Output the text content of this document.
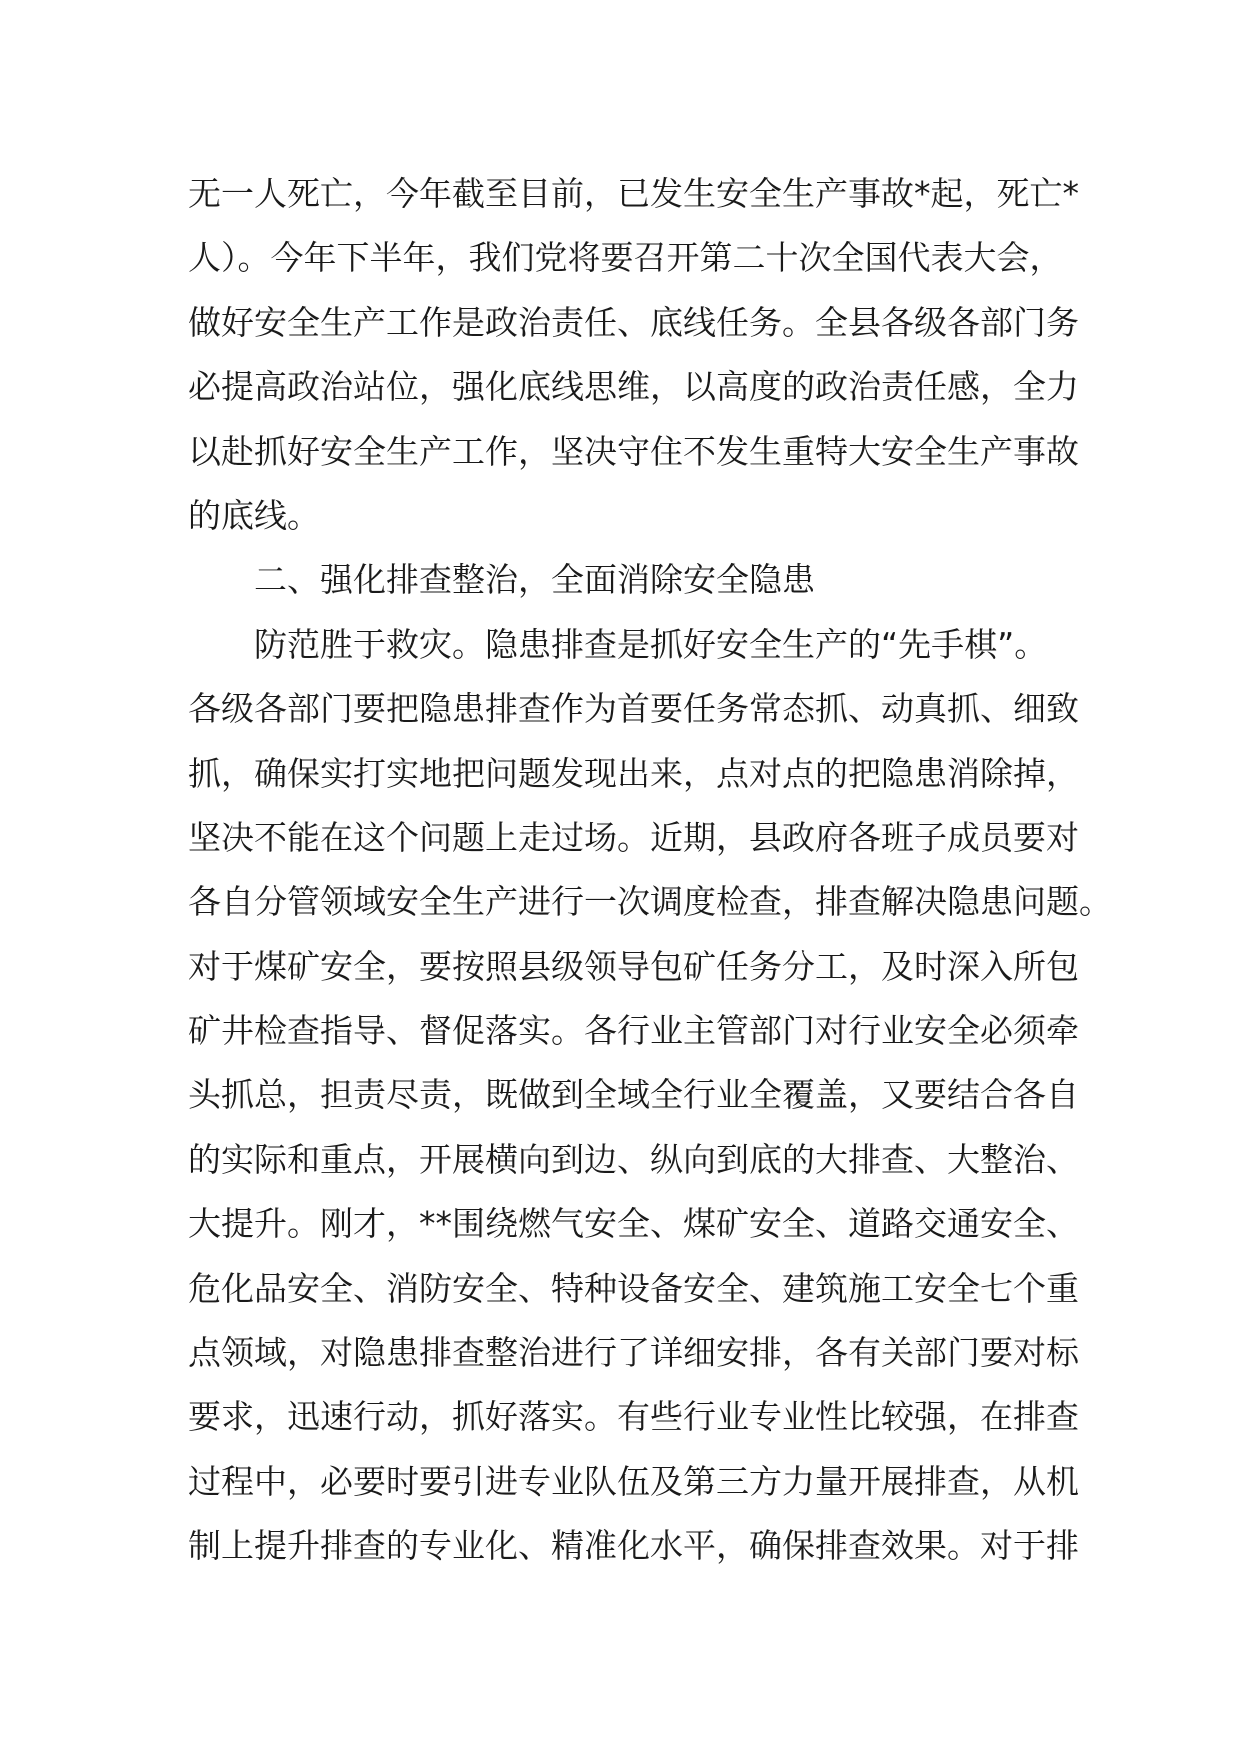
无一人死亡，今年截至目前，已发生安全生产事故*起，死亡*
人）。今年下半年，我们党将要召开第二十次全国代表大会，
做好安全生产工作是政治责任、底线任务。全县各级各部门务
必提高政治站位，强化底线思维，以高度的政治责任感，全力
以赴抓好安全生产工作，坚决守住不发生重特大安全生产事故
的底线。
二、强化排查整治，全面消除安全隐患
防范胜于救灾。隐患排查是抓好安全生产的“先手棋”。
各级各部门要把隐患排查作为首要任务常态抓、动真抓、细致
抓，确保实打实地把问题发现出来，点对点的把隐患消除掉，
坚决不能在这个问题上走过场。近期，县政府各班子成员要对
各自分管领域安全生产进行一次调度检查，排查解决隐患问题。
对于煤矿安全，要按照县级领导包矿任务分工，及时深入所包
矿井检查指导、督促落实。各行业主管部门对行业安全必须牵
头抓总，担责尽责，既做到全域全行业全覆盖，又要结合各自
的实际和重点，开展横向到边、纵向到底的大排查、大整治、
大提升。刚才，**围绕燃气安全、煤矿安全、道路交通安全、
危化品安全、消防安全、特种设备安全、建筑施工安全七个重
点领域，对隐患排查整治进行了详细安排，各有关部门要对标
要求，迅速行动，抓好落实。有些行业专业性比较强，在排查
过程中，必要时要引进专业队伍及第三方力量开展排查，从机
制上提升排查的专业化、精准化水平，确保排查效果。对于排
